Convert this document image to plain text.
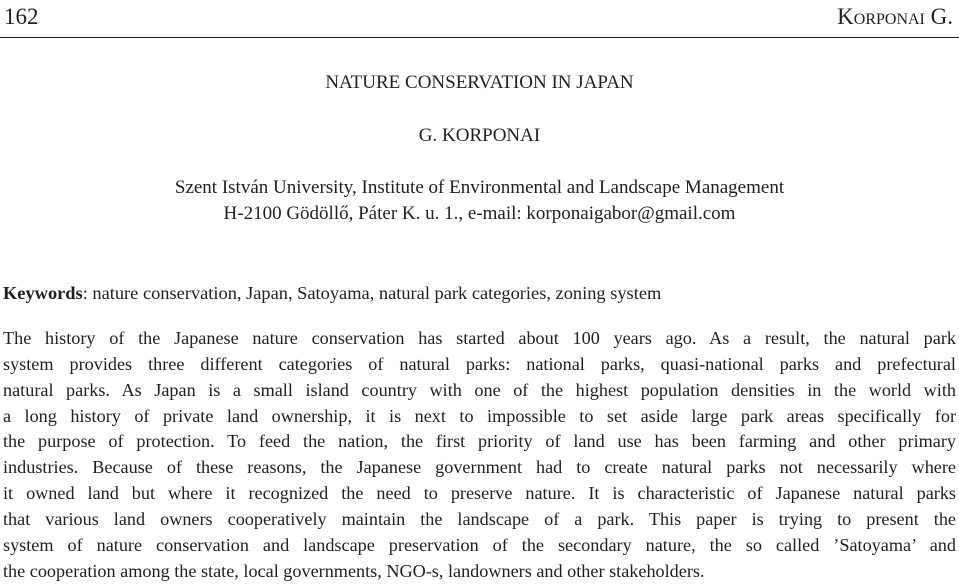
162	Korponai G.
NATURE CONSERVATION IN JAPAN
G. KORPONAI
Szent István University, Institute of Environmental and Landscape Management
H-2100 Gödöllő, Páter K. u. 1., e-mail: korponaigabor@gmail.com
Keywords: nature conservation, Japan, Satoyama, natural park categories, zoning system
The history of the Japanese nature conservation has started about 100 years ago. As a result, the natural park
system provides three different categories of natural parks: national parks, quasi-national parks and prefectural
natural parks. As Japan is a small island country with one of the highest population densities in the world with
a long history of private land ownership, it is next to impossible to set aside large park areas specifically for
the purpose of protection. To feed the nation, the first priority of land use has been farming and other primary
industries. Because of these reasons, the Japanese government had to create natural parks not necessarily where
it owned land but where it recognized the need to preserve nature. It is characteristic of Japanese natural parks
that various land owners cooperatively maintain the landscape of a park. This paper is trying to present the
system of nature conservation and landscape preservation of the secondary nature, the so called ’Satoyama’ and
the cooperation among the state, local governments, NGO-s, landowners and other stakeholders.
